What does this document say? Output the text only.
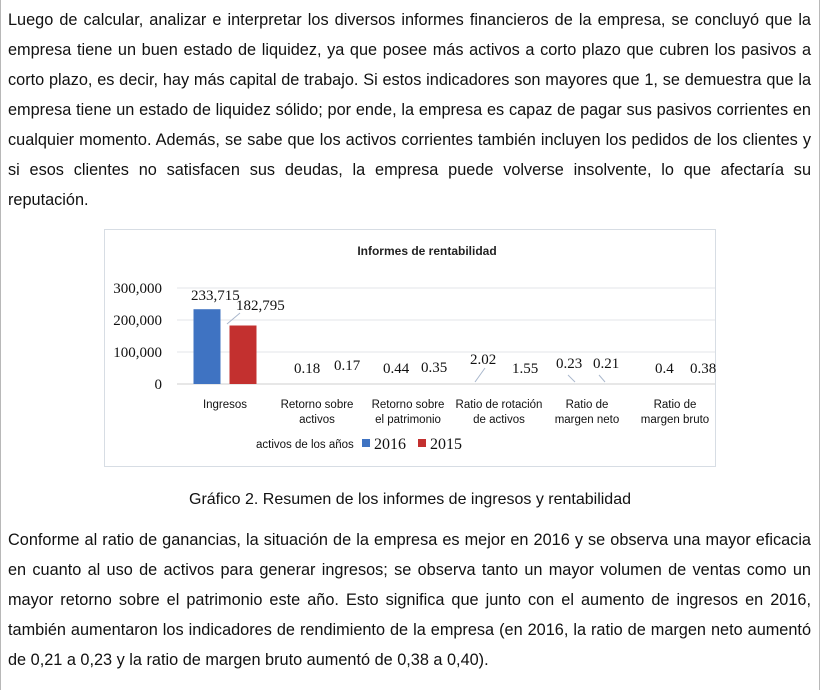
Luego de calcular, analizar e interpretar los diversos informes financieros de la empresa, se concluyó que la empresa tiene un buen estado de liquidez, ya que posee más activos a corto plazo que cubren los pasivos a corto plazo, es decir, hay más capital de trabajo. Si estos indicadores son mayores que 1, se demuestra que la empresa tiene un estado de liquidez sólido; por ende, la empresa es capaz de pagar sus pasivos corrientes en cualquier momento. Además, se sabe que los activos corrientes también incluyen los pedidos de los clientes y si esos clientes no satisfacen sus deudas, la empresa puede volverse insolvente, lo que afectaría su reputación.

Informes de rentabilidad
300,000
200,000
100,000
0
233,715
0.18	0.44
2.02	0.23	0.4
182,795
0.17	0.35	1.55	0.21	0.38
Ingresos	Retorno sobre
activos
Retorno sobre
el patrimonio
Ratio de rotación
de activos
Ratio de
margen neto
Ratio de
margen bruto
activos de los años 2016 2015
Gráfico 2. Resumen de los informes de ingresos y rentabilidad

Conforme al ratio de ganancias, la situación de la empresa es mejor en 2016 y se observa una mayor eficacia en cuanto al uso de activos para generar ingresos; se observa tanto un mayor volumen de ventas como un mayor retorno sobre el patrimonio este año. Esto significa que junto con el aumento de ingresos en 2016, también aumentaron los indicadores de rendimiento de la empresa (en 2016, la ratio de margen neto aumentó de 0,21 a 0,23 y la ratio de margen bruto aumentó de 0,38 a 0,40).
